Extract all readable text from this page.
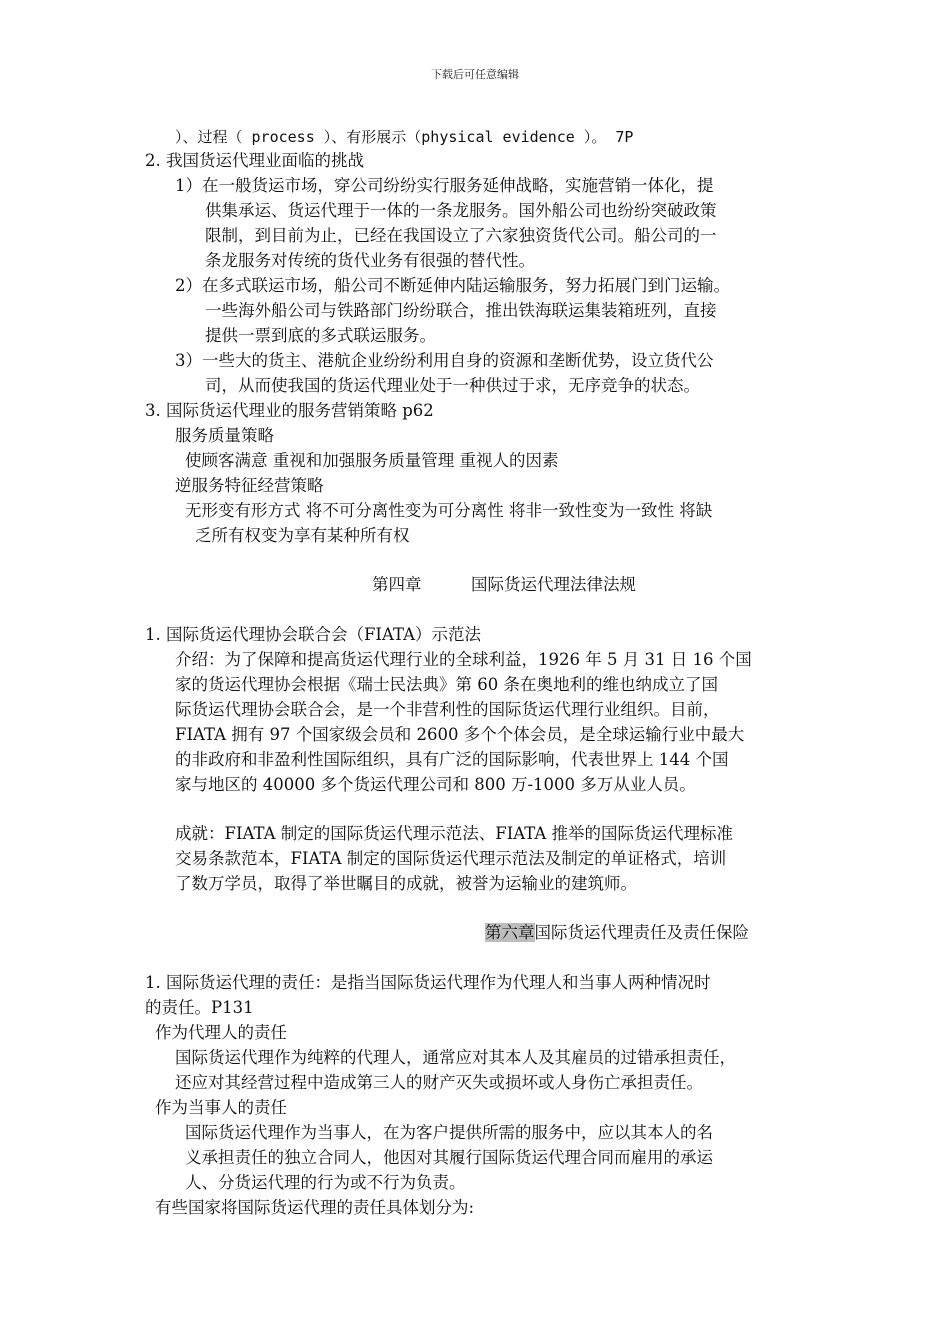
下载后可任意编辑
）、过程（ process ）、有形展示（physical evidence ）。 7P
2. 我国货运代理业面临的挑战
1）在一般货运市场，穿公司纷纷实行服务延伸战略，实施营销一体化，提
供集承运、货运代理于一体的一条龙服务。国外船公司也纷纷突破政策
限制，到目前为止，已经在我国设立了六家独资货代公司。船公司的一
条龙服务对传统的货代业务有很强的替代性。
2）在多式联运市场，船公司不断延伸内陆运输服务，努力拓展门到门运输。
一些海外船公司与铁路部门纷纷联合，推出铁海联运集装箱班列，直接
提供一票到底的多式联运服务。
3）一些大的货主、港航企业纷纷利用自身的资源和垄断优势，设立货代公
司，从而使我国的货运代理业处于一种供过于求，无序竞争的状态。
3. 国际货运代理业的服务营销策略 p62
服务质量策略
使顾客满意 重视和加强服务质量管理 重视人的因素
逆服务特征经营策略
无形变有形方式 将不可分离性变为可分离性 将非一致性变为一致性 将缺
乏所有权变为享有某种所有权
第四章　　　国际货运代理法律法规
1. 国际货运代理协会联合会（FIATA）示范法
介绍：为了保障和提高货运代理行业的全球利益，1926 年 5 月 31 日 16 个国
家的货运代理协会根据《瑞士民法典》第 60 条在奥地利的维也纳成立了国
际货运代理协会联合会，是一个非营利性的国际货运代理行业组织。目前，
FIATA 拥有 97 个国家级会员和 2600 多个个体会员，是全球运输行业中最大
的非政府和非盈利性国际组织，具有广泛的国际影响，代表世界上 144 个国
家与地区的 40000 多个货运代理公司和 800 万-1000 多万从业人员。
成就：FIATA 制定的国际货运代理示范法、FIATA 推举的国际货运代理标准
交易条款范本，FIATA 制定的国际货运代理示范法及制定的单证格式，培训
了数万学员，取得了举世瞩目的成就，被誉为运输业的建筑师。
第六章国际货运代理责任及责任保险
1. 国际货运代理的责任：是指当国际货运代理作为代理人和当事人两种情况时
的责任。P131
作为代理人的责任
国际货运代理作为纯粹的代理人，通常应对其本人及其雇员的过错承担责任，
还应对其经营过程中造成第三人的财产灭失或损坏或人身伤亡承担责任。
作为当事人的责任
国际货运代理作为当事人，在为客户提供所需的服务中，应以其本人的名
义承担责任的独立合同人，他因对其履行国际货运代理合同而雇用的承运
人、分货运代理的行为或不行为负责。
有些国家将国际货运代理的责任具体划分为:
